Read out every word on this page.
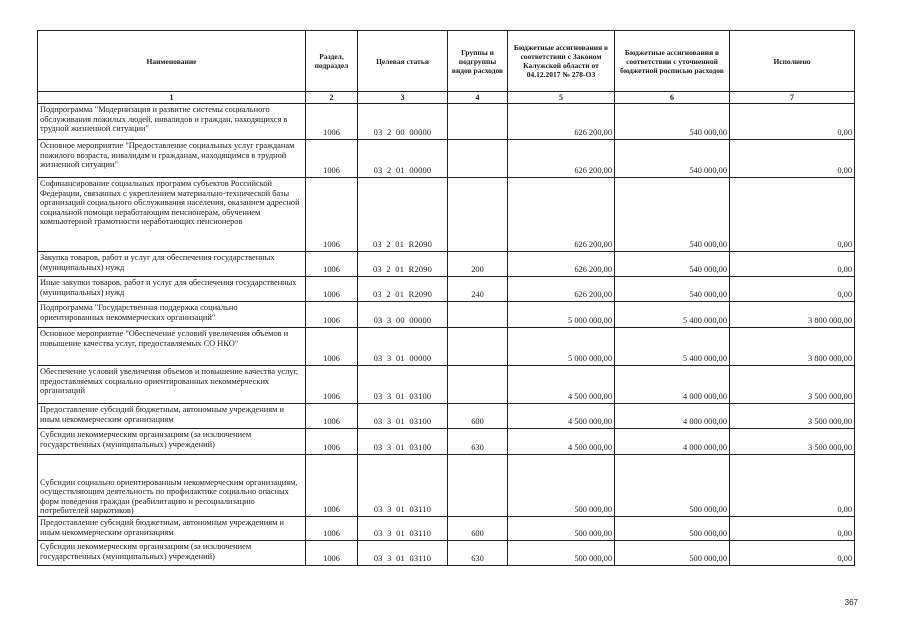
Наименование	Раздел, подраздел	Целевая статья	Группы и подгруппы видов расходов	Бюджетные ассигнования в соответствии с Законом Калужской области от 04.12.2017 № 278-ОЗ	Бюджетные ассигнования в соответствии с уточненной бюджетной росписью расходов	Исполнено
1	2	3	4	5	6	7
Подпрограмма "Модернизация и развитие системы социального обслуживания пожилых людей, инвалидов и граждан, находящихся в трудной жизненной ситуации"	1006	03  2  00  00000		626 200,00	540 000,00	0,00
Основное мероприятие "Предоставление социальных услуг гражданам пожилого возраста, инвалидам и гражданам, находящимся в трудной жизненной ситуации"	1006	03  2  01  00000		626 200,00	540 000,00	0,00
Софинансирование социальных программ субъектов Российской Федерации, связанных с укреплением материально-технической базы организаций социального обслуживания населения, оказанием адресной социальной помощи неработающим пенсионерам, обучением компьютерной грамотности неработающих пенсионеров	1006	03  2  01  R2090		626 200,00	540 000,00	0,00
Закупка товаров, работ и услуг для обеспечения государственных (муниципальных) нужд	1006	03  2  01  R2090	200	626 200,00	540 000,00	0,00
Иные закупки товаров, работ и услуг для обеспечения государственных (муниципальных) нужд	1006	03  2  01  R2090	240	626 200,00	540 000,00	0,00
Подпрограмма "Государственная поддержка социально ориентированных некоммерческих организаций"	1006	03  3  00  00000		5 000 000,00	5 400 000,00	3 800 000,00
Основное мероприятие "Обеспечение условий увеличения объемов и повышение качества услуг, предоставляемых СО НКО"	1006	03  3  01  00000		5 000 000,00	5 400 000,00	3 800 000,00
Обеспечение условий увеличения объемов и повышение качества услуг, предоставляемых социально ориентированных некоммерческих организаций	1006	03  3  01  03100		4 500 000,00	4 000 000,00	3 500 000,00
Предоставление субсидий бюджетным, автономным учреждениям и иным некоммерческим организациям	1006	03  3  01  03100	600	4 500 000,00	4 000 000,00	3 500 000,00
Субсидии некоммерческим организациям (за исключением государственных (муниципальных) учреждений)	1006	03  3  01  03100	630	4 500 000,00	4 000 000,00	3 500 000,00
Субсидии социально ориентированным некоммерческим организациям, осуществляющим деятельность по профилактике социально опасных форм поведения граждан (реабилитацию и ресоциализацию потребителей наркотиков)	1006	03  3  01  03110		500 000,00	500 000,00	0,00
Предоставление субсидий бюджетным, автономным учреждениям и иным некоммерческим организациям	1006	03  3  01  03110	600	500 000,00	500 000,00	0,00
Субсидии некоммерческим организациям (за исключением государственных (муниципальных) учреждений)	1006	03  3  01  03110	630	500 000,00	500 000,00	0,00
367
